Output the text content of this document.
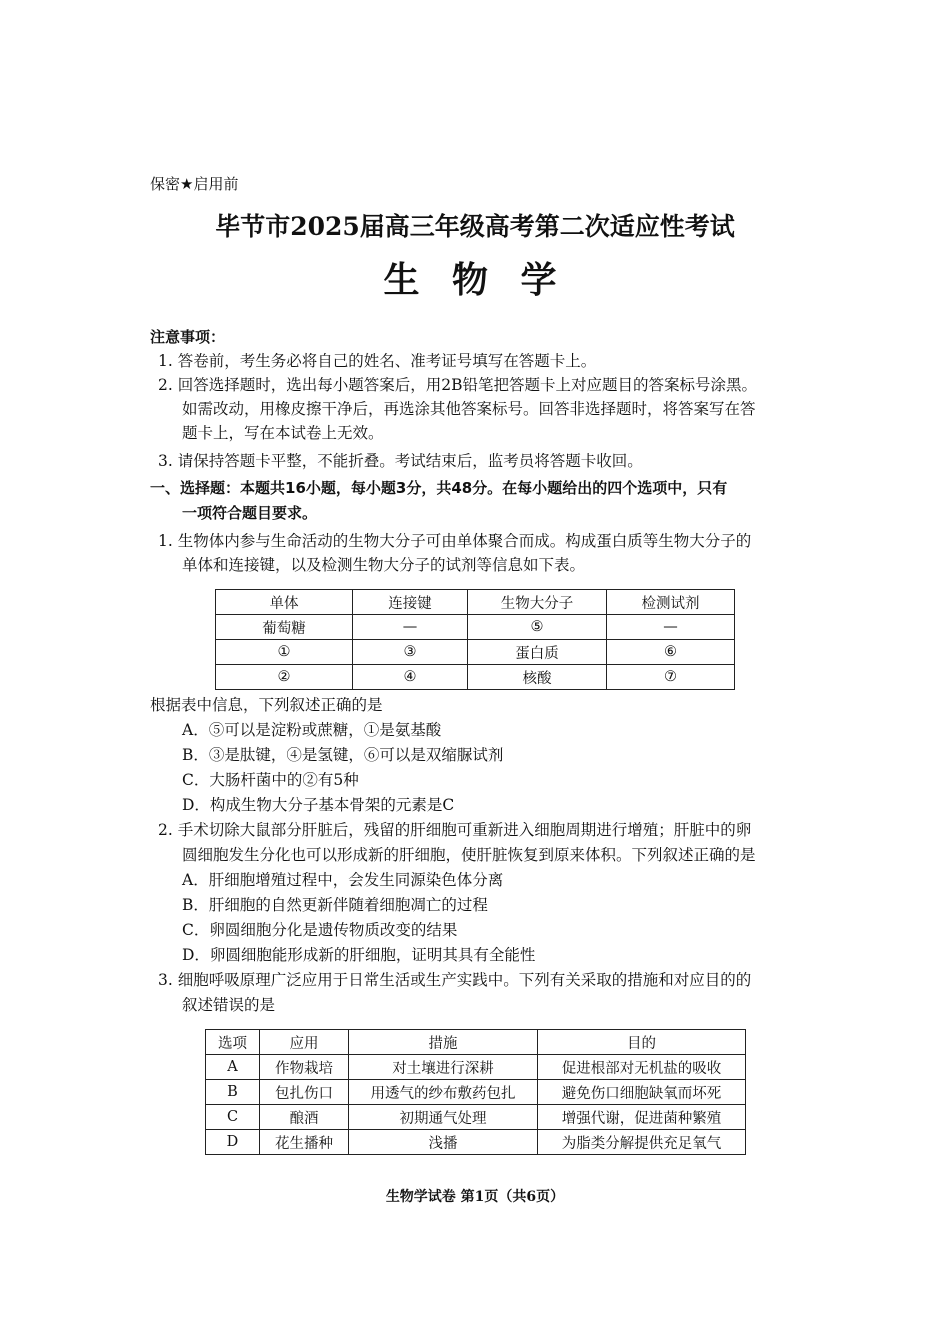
保密★启用前
毕节市2025届高三年级高考第二次适应性考试
生 物 学
注意事项：
1. 答卷前，考生务必将自己的姓名、准考证号填写在答题卡上。
2. 回答选择题时，选出每小题答案后，用2B铅笔把答题卡上对应题目的答案标号涂黑。
如需改动，用橡皮擦干净后，再选涂其他答案标号。回答非选择题时，将答案写在答
题卡上，写在本试卷上无效。
3. 请保持答题卡平整，不能折叠。考试结束后，监考员将答题卡收回。
一、选择题：本题共16小题，每小题3分，共48分。在每小题给出的四个选项中，只有
一项符合题目要求。
1. 生物体内参与生命活动的生物大分子可由单体聚合而成。构成蛋白质等生物大分子的
单体和连接键，以及检测生物大分子的试剂等信息如下表。
单体	连接键	生物大分子	检测试剂
葡萄糖	—	⑤	—
①	③	蛋白质	⑥
②	④	核酸	⑦
根据表中信息，下列叙述正确的是
A．⑤可以是淀粉或蔗糖，①是氨基酸
B．③是肽键，④是氢键，⑥可以是双缩脲试剂
C．大肠杆菌中的②有5种
D．构成生物大分子基本骨架的元素是C
2. 手术切除大鼠部分肝脏后，残留的肝细胞可重新进入细胞周期进行增殖；肝脏中的卵
圆细胞发生分化也可以形成新的肝细胞，使肝脏恢复到原来体积。下列叙述正确的是
A．肝细胞增殖过程中，会发生同源染色体分离
B．肝细胞的自然更新伴随着细胞凋亡的过程
C．卵圆细胞分化是遗传物质改变的结果
D．卵圆细胞能形成新的肝细胞，证明其具有全能性
3. 细胞呼吸原理广泛应用于日常生活或生产实践中。下列有关采取的措施和对应目的的
叙述错误的是
选项	应用	措施	目的
A	作物栽培	对土壤进行深耕	促进根部对无机盐的吸收
B	包扎伤口	用透气的纱布敷药包扎	避免伤口细胞缺氧而坏死
C	酿酒	初期通气处理	增强代谢，促进菌种繁殖
D	花生播种	浅播	为脂类分解提供充足氧气
生物学试卷 第1页（共6页）
